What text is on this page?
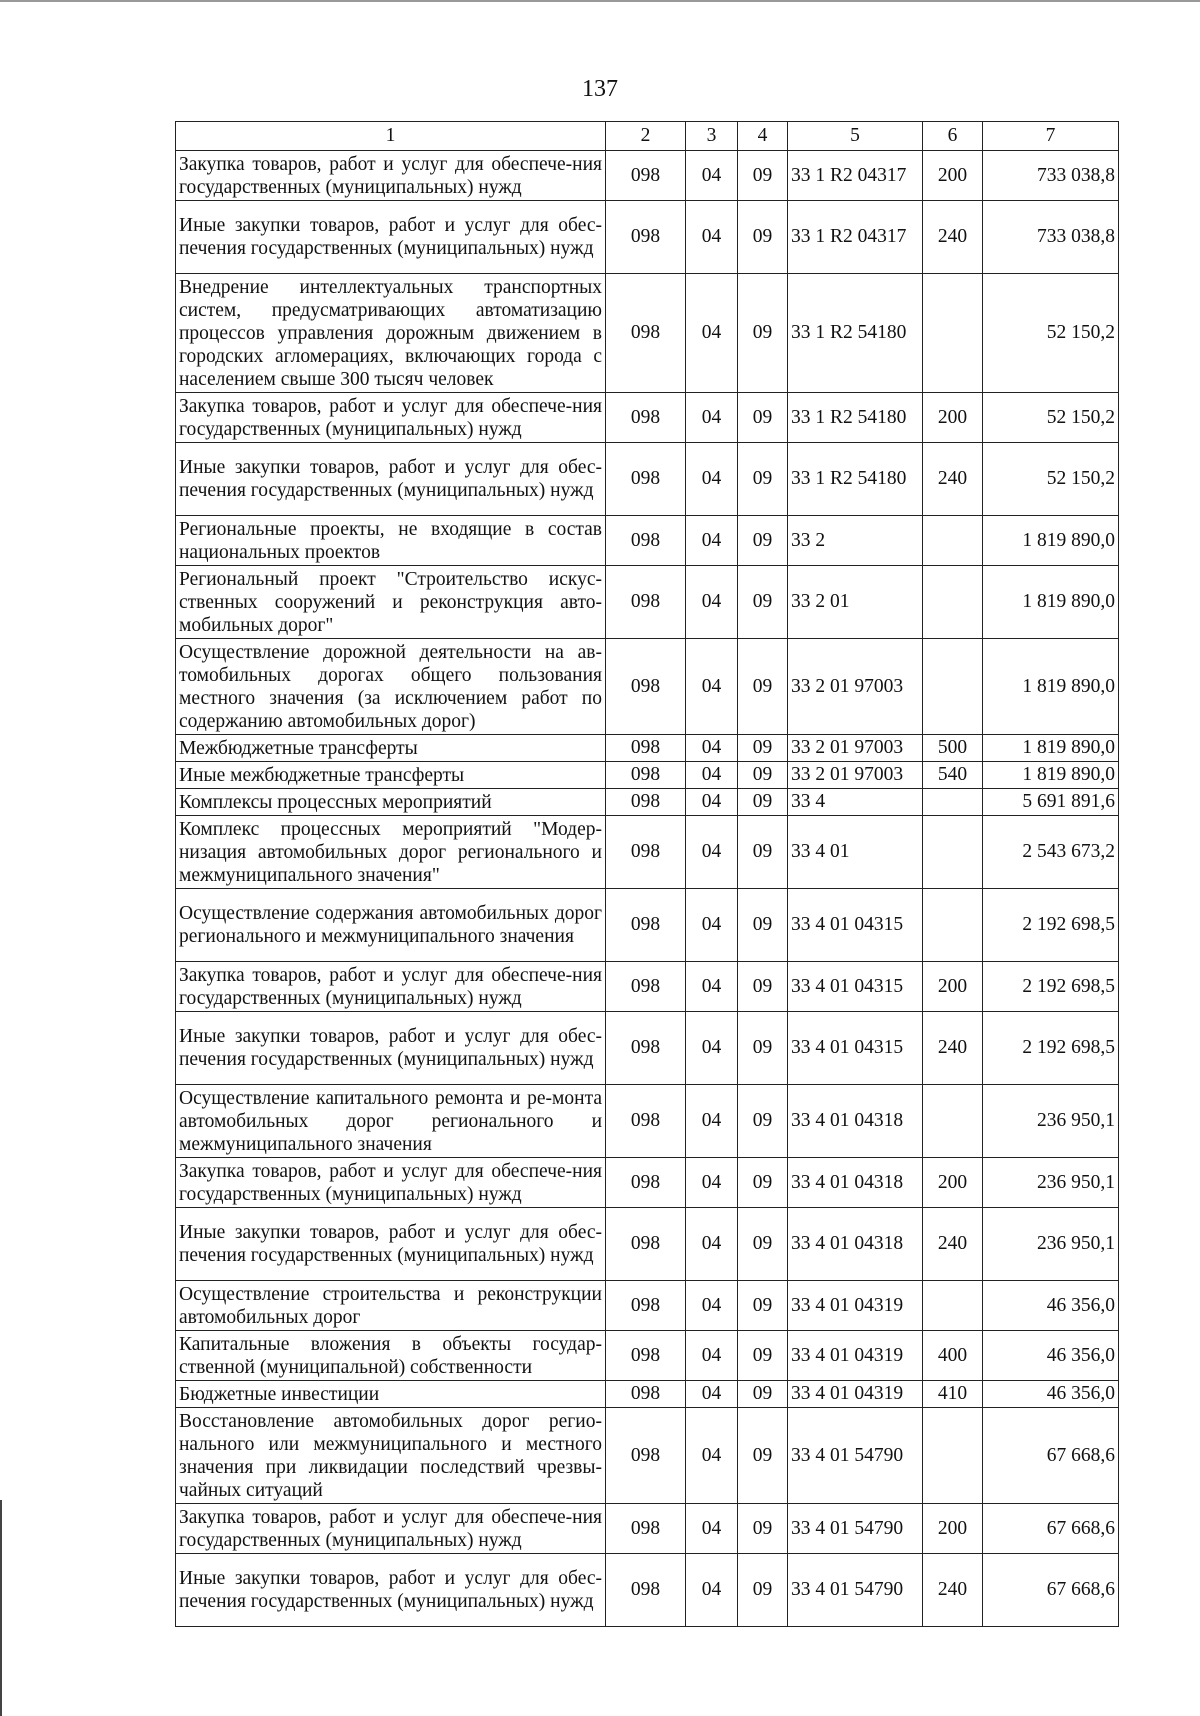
137
1	2	3	4	5	6	7
Закупка товаров, работ и услуг для обеспече-ния государственных (муниципальных) нужд	098	04	09	33 1 R2 04317	200	733 038,8
Иные закупки товаров, работ и услуг для обес-печения государственных (муниципальных) нужд	098	04	09	33 1 R2 04317	240	733 038,8
Внедрение интеллектуальных транспортных систем, предусматривающих автоматизацию процессов управления дорожным движением в городских агломерациях, включающих города с населением свыше 300 тысяч человек	098	04	09	33 1 R2 54180		52 150,2
Закупка товаров, работ и услуг для обеспече-ния государственных (муниципальных) нужд	098	04	09	33 1 R2 54180	200	52 150,2
Иные закупки товаров, работ и услуг для обес-печения государственных (муниципальных) нужд	098	04	09	33 1 R2 54180	240	52 150,2
Региональные проекты, не входящие в состав национальных проектов	098	04	09	33 2		1 819 890,0
Региональный проект "Строительство искус-ственных сооружений и реконструкция авто-мобильных дорог"	098	04	09	33 2 01		1 819 890,0
Осуществление дорожной деятельности на ав-томобильных дорогах общего пользования местного значения (за исключением работ по содержанию автомобильных дорог)	098	04	09	33 2 01 97003		1 819 890,0
Межбюджетные трансферты	098	04	09	33 2 01 97003	500	1 819 890,0
Иные межбюджетные трансферты	098	04	09	33 2 01 97003	540	1 819 890,0
Комплексы процессных мероприятий	098	04	09	33 4		5 691 891,6
Комплекс процессных мероприятий "Модер-низация автомобильных дорог регионального и межмуниципального значения"	098	04	09	33 4 01		2 543 673,2
Осуществление содержания автомобильных дорог регионального и межмуниципального значения	098	04	09	33 4 01 04315		2 192 698,5
Закупка товаров, работ и услуг для обеспече-ния государственных (муниципальных) нужд	098	04	09	33 4 01 04315	200	2 192 698,5
Иные закупки товаров, работ и услуг для обес-печения государственных (муниципальных) нужд	098	04	09	33 4 01 04315	240	2 192 698,5
Осуществление капитального ремонта и ре-монта автомобильных дорог регионального и межмуниципального значения	098	04	09	33 4 01 04318		236 950,1
Закупка товаров, работ и услуг для обеспече-ния государственных (муниципальных) нужд	098	04	09	33 4 01 04318	200	236 950,1
Иные закупки товаров, работ и услуг для обес-печения государственных (муниципальных) нужд	098	04	09	33 4 01 04318	240	236 950,1
Осуществление строительства и реконструкции автомобильных дорог	098	04	09	33 4 01 04319		46 356,0
Капитальные вложения в объекты государ-ственной (муниципальной) собственности	098	04	09	33 4 01 04319	400	46 356,0
Бюджетные инвестиции	098	04	09	33 4 01 04319	410	46 356,0
Восстановление автомобильных дорог регио-нального или межмуниципального и местного значения при ликвидации последствий чрезвы-чайных ситуаций	098	04	09	33 4 01 54790		67 668,6
Закупка товаров, работ и услуг для обеспече-ния государственных (муниципальных) нужд	098	04	09	33 4 01 54790	200	67 668,6
Иные закупки товаров, работ и услуг для обес-печения государственных (муниципальных) нужд	098	04	09	33 4 01 54790	240	67 668,6
